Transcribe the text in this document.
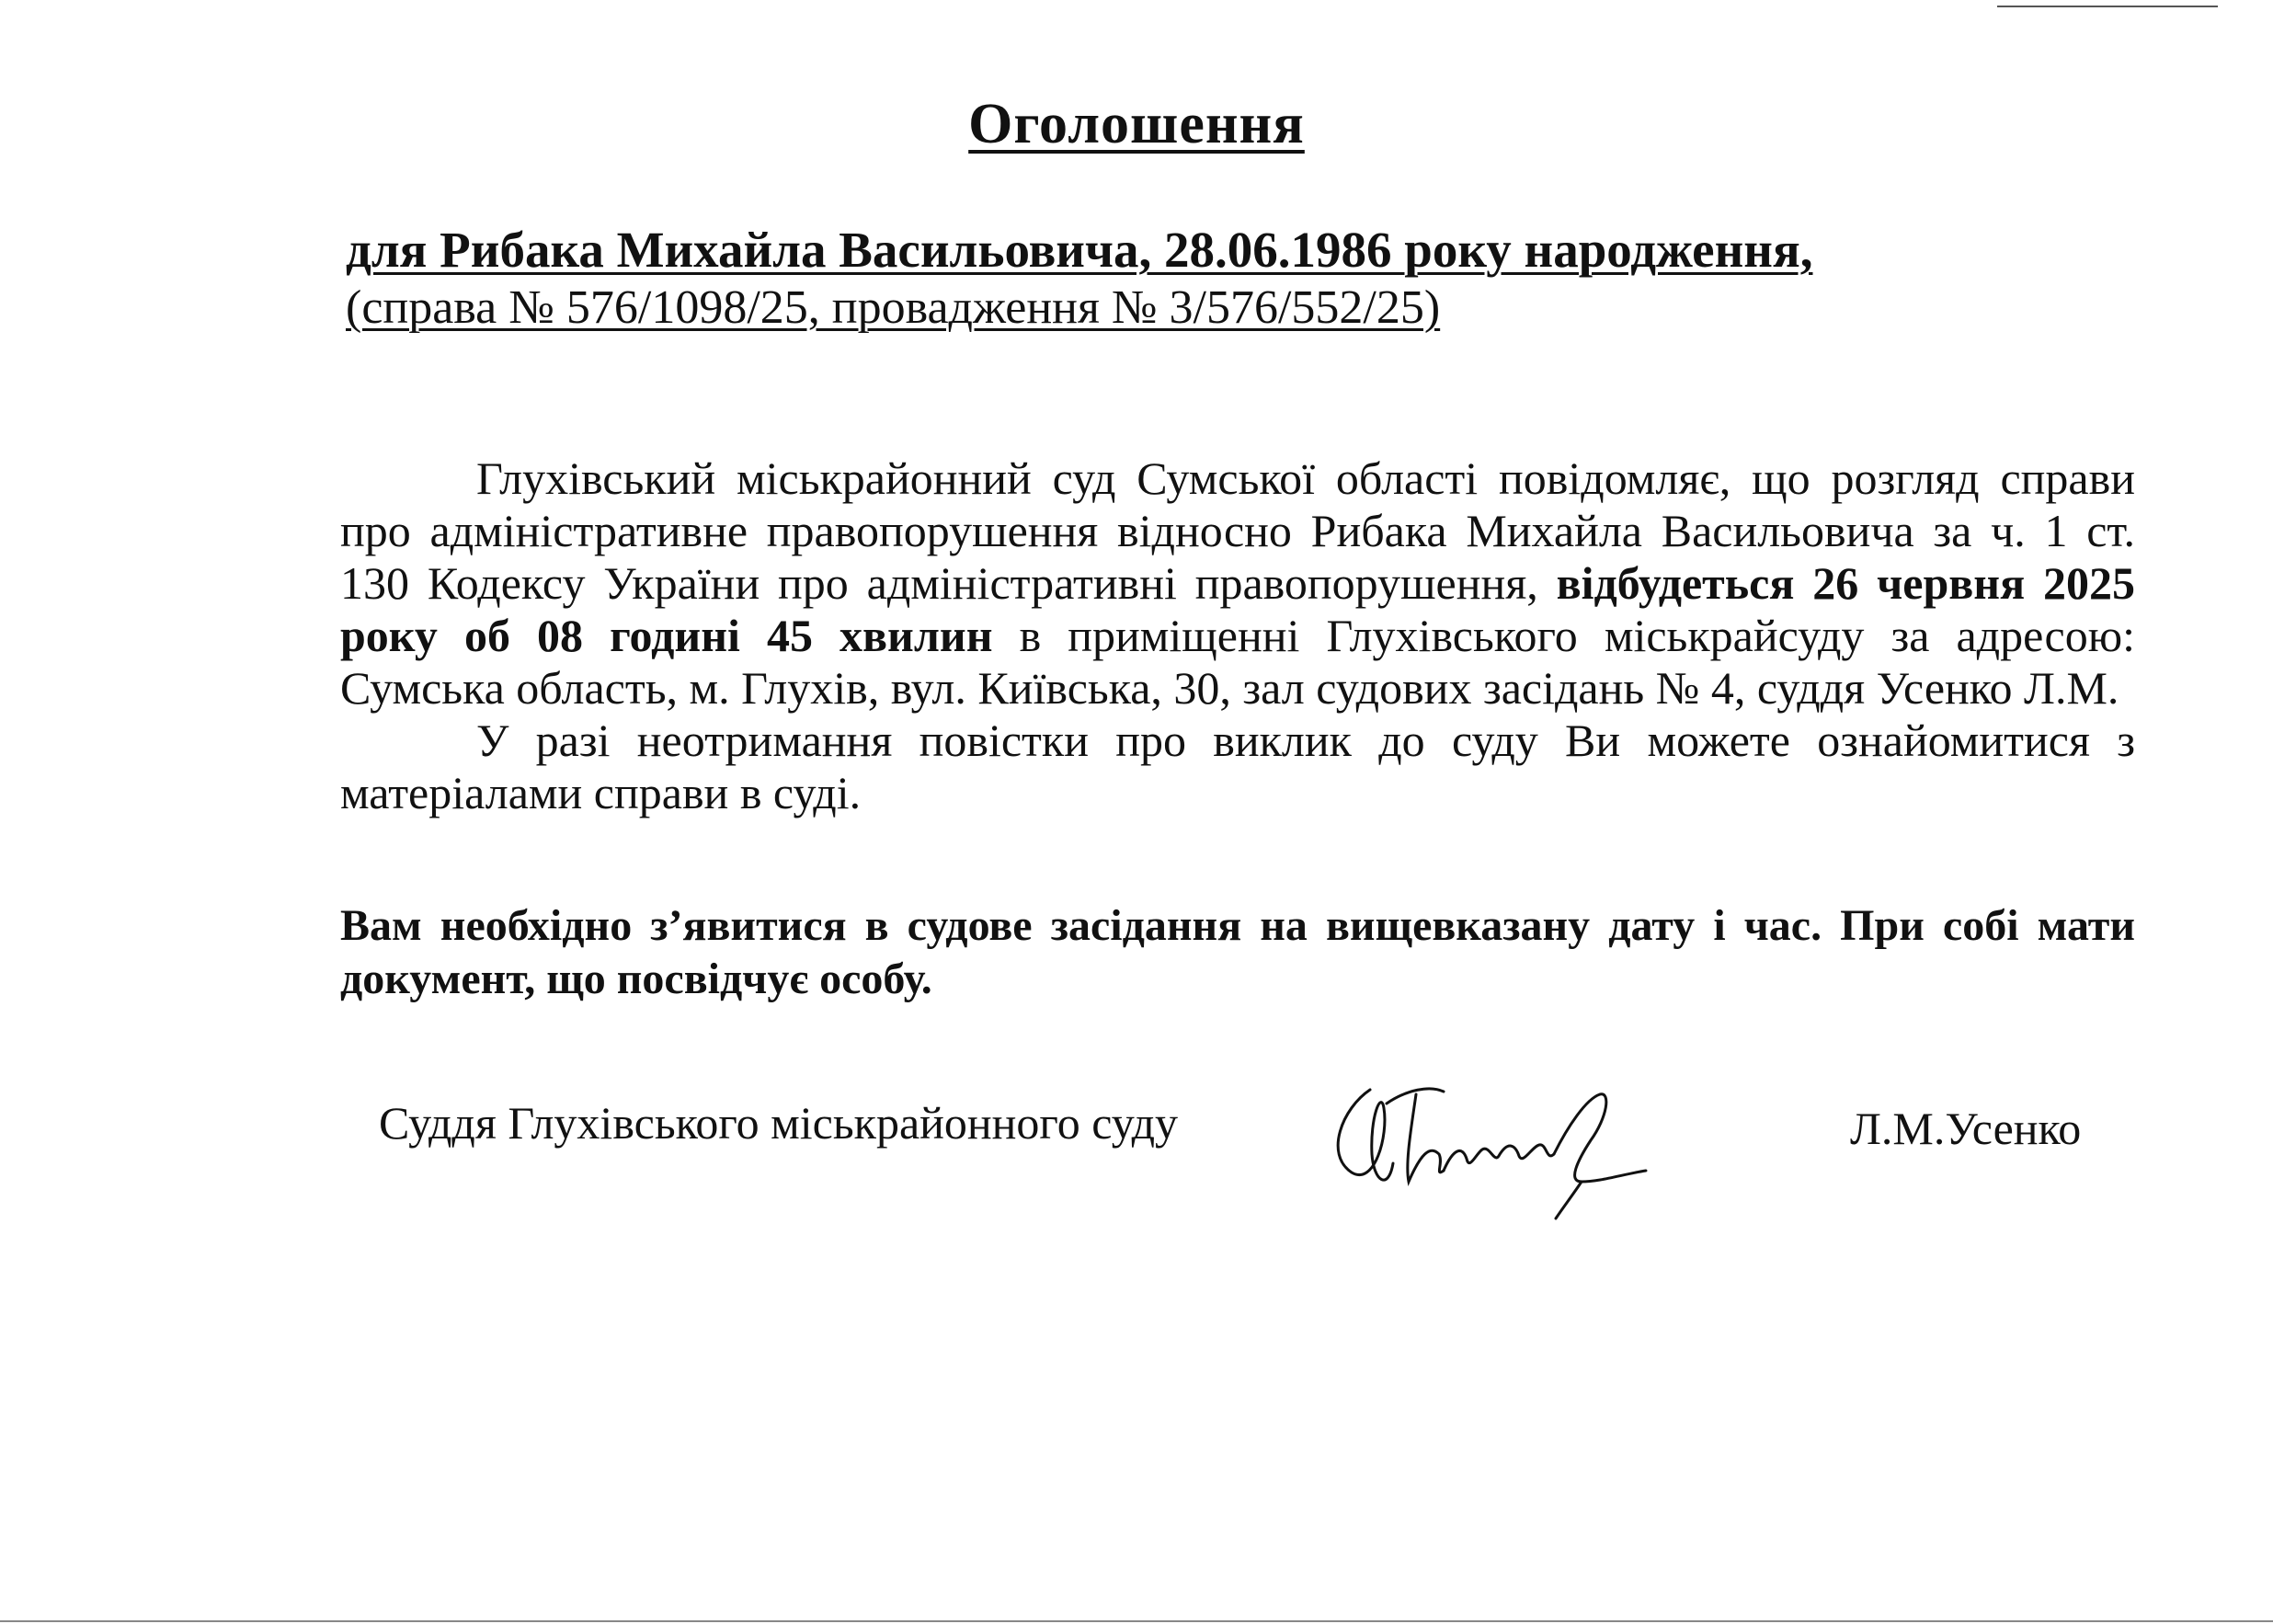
Оголошення
для Рибака Михайла Васильовича, 28.06.1986 року народження,
(справа № 576/1098/25, провадження № 3/576/552/25)

Глухівський міськрайонний суд Сумської області повідомляє, що розгляд справи про адміністративне правопорушення відносно Рибака Михайла Васильовича за ч. 1 ст. 130 Кодексу України про адміністративні правопорушення, відбудеться 26 червня 2025 року об 08 годині 45 хвилин в приміщенні Глухівського міськрайсуду за адресою: Сумська область, м. Глухів, вул. Київська, 30, зал судових засідань № 4, суддя Усенко Л.М.

У разі неотримання повістки про виклик до суду Ви можете ознайомитися з матеріалами справи в суді.

Вам необхідно з’явитися в судове засідання на вищевказану дату і час. При собі мати документ, що посвідчує особу.
Суддя Глухівського міськрайонного суду	Л.М.Усенко
